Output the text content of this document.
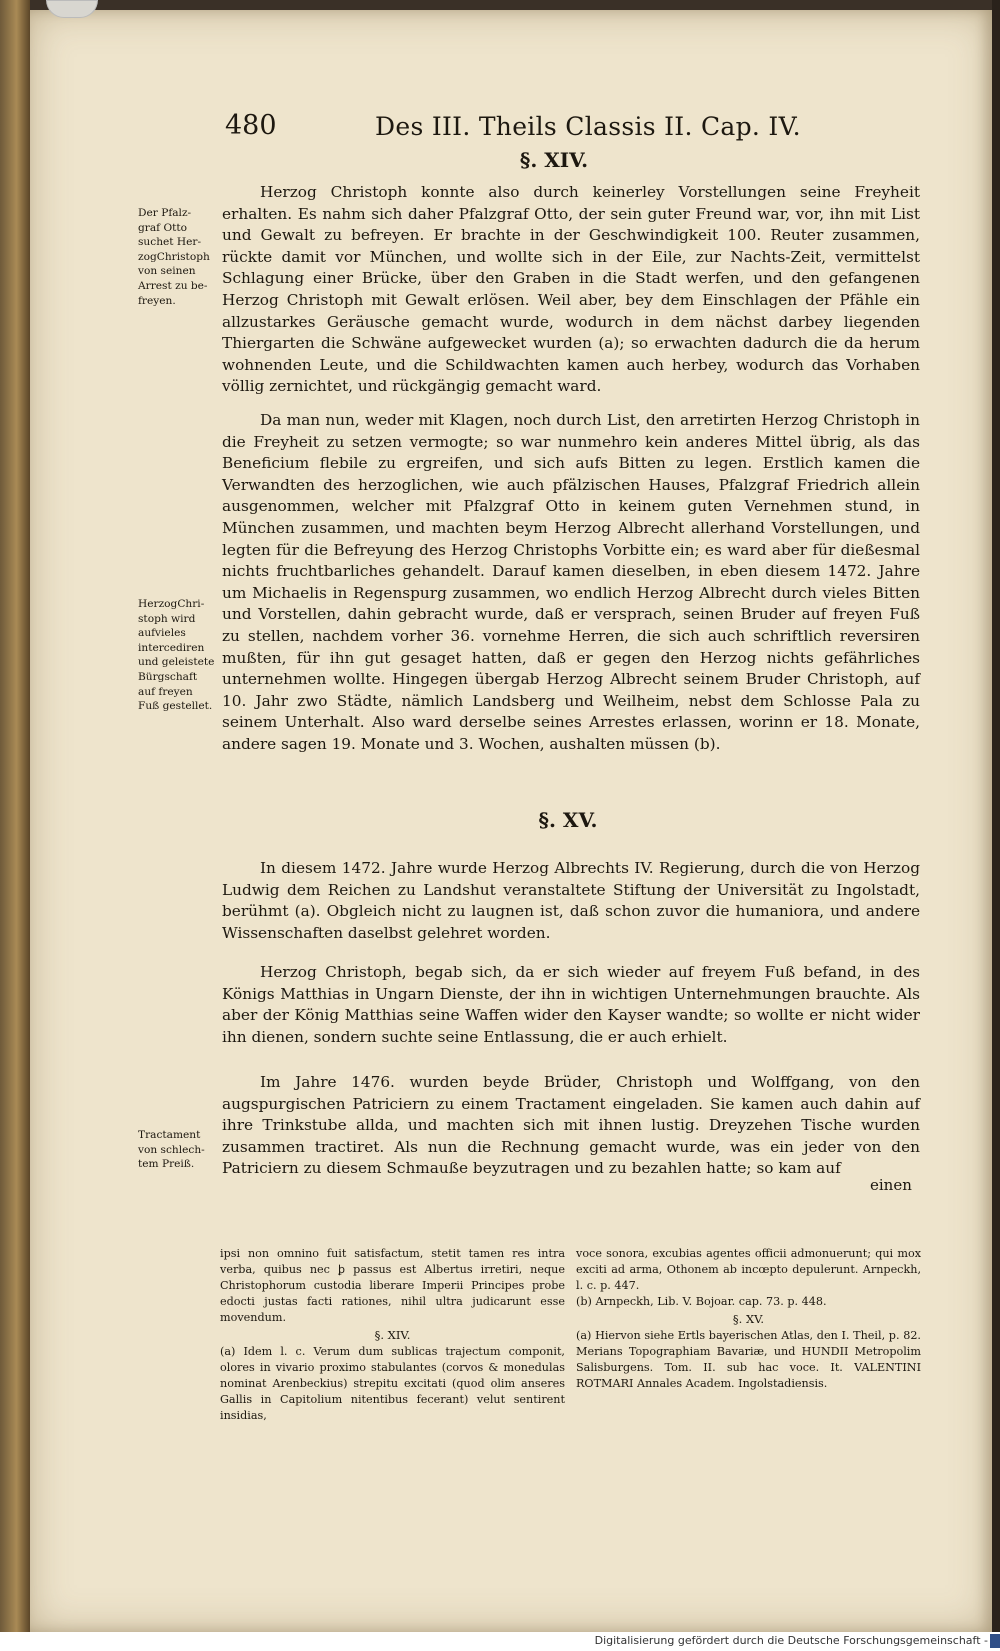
480	Des III. Theils Classis II. Cap. IV.
§. XIV.

Herzog Christoph konnte also durch keinerley Vorstellungen seine Freyheit erhalten. Es nahm sich daher Pfalzgraf Otto, der sein guter Freund war, vor, ihn mit List und Gewalt zu befreyen. Er brachte in der Geschwindigkeit 100. Reuter zusammen, rückte damit vor München, und wollte sich in der Eile, zur Nachts-Zeit, vermittelst Schlagung einer Brücke, über den Graben in die Stadt werfen, und den gefangenen Herzog Christoph mit Gewalt erlösen. Weil aber, bey dem Einschlagen der Pfähle ein allzustarkes Geräusche gemacht wurde, wodurch in dem nächst darbey liegenden Thiergarten die Schwäne aufgewecket wurden (a); so erwachten dadurch die da herum wohnenden Leute, und die Schildwachten kamen auch herbey, wodurch das Vorhaben völlig zernichtet, und rückgängig gemacht ward.

Da man nun, weder mit Klagen, noch durch List, den arretirten Herzog Christoph in die Freyheit zu setzen vermogte; so war nunmehro kein anderes Mittel übrig, als das Beneficium flebile zu ergreifen, und sich aufs Bitten zu legen. Erstlich kamen die Verwandten des herzoglichen, wie auch pfälzischen Hauses, Pfalzgraf Friedrich allein ausgenommen, welcher mit Pfalzgraf Otto in keinem guten Vernehmen stund, in München zusammen, und machten beym Herzog Albrecht allerhand Vorstellungen, und legten für die Befreyung des Herzog Christophs Vorbitte ein; es ward aber für dießesmal nichts fruchtbarliches gehandelt. Darauf kamen dieselben, in eben diesem 1472. Jahre um Michaelis in Regenspurg zusammen, wo endlich Herzog Albrecht durch vieles Bitten und Vorstellen, dahin gebracht wurde, daß er versprach, seinen Bruder auf freyen Fuß zu stellen, nachdem vorher 36. vornehme Herren, die sich auch schriftlich reversiren mußten, für ihn gut gesaget hatten, daß er gegen den Herzog nichts gefährliches unternehmen wollte. Hingegen übergab Herzog Albrecht seinem Bruder Christoph, auf 10. Jahr zwo Städte, nämlich Landsberg und Weilheim, nebst dem Schlosse Pala zu seinem Unterhalt. Also ward derselbe seines Arrestes erlassen, worinn er 18. Monate, andere sagen 19. Monate und 3. Wochen, aushalten müssen (b).

Der Pfalz-
graf Otto
suchet Her-
zogChristoph
von seinen
Arrest zu be-
freyen.

HerzogChri-
stoph wird
aufvieles
intercediren
und geleistete
Bürgschaft
auf freyen
Fuß gestellet.

§. XV.

In diesem 1472. Jahre wurde Herzog Albrechts IV. Regierung, durch die von Herzog Ludwig dem Reichen zu Landshut veranstaltete Stiftung der Universität zu Ingolstadt, berühmt (a). Obgleich nicht zu laugnen ist, daß schon zuvor die humaniora, und andere Wissenschaften daselbst gelehret worden.

Herzog Christoph, begab sich, da er sich wieder auf freyem Fuß befand, in des Königs Matthias in Ungarn Dienste, der ihn in wichtigen Unternehmungen brauchte. Als aber der König Matthias seine Waffen wider den Kayser wandte; so wollte er nicht wider ihn dienen, sondern suchte seine Entlassung, die er auch erhielt.

Im Jahre 1476. wurden beyde Brüder, Christoph und Wolffgang, von den augspurgischen Patriciern zu einem Tractament eingeladen. Sie kamen auch dahin auf ihre Trinkstube allda, und machten sich mit ihnen lustig. Dreyzehen Tische wurden zusammen tractiret. Als nun die Rechnung gemacht wurde, was ein jeder von den Patriciern zu diesem Schmauße beyzutragen und zu bezahlen hatte; so kam auf

Tractament
von schlech-
tem Preiß.

einen

ipsi non omnino fuit satisfactum, stetit tamen res intra verba, quibus nec ꝧ passus est Albertus irretiri, neque Christophorum custodia liberare Imperii Principes probe edocti justas facti rationes, nihil ultra judicarunt esse movendum.

§. XIV.

(a) Idem l. c. Verum dum sublicas trajectum componit, olores in vivario proximo stabulantes (corvos & monedulas nominat Arenbeckius) strepitu excitati (quod olim anseres Gallis in Capitolium nitentibus fecerant) velut sentirent insidias,

voce sonora, excubias agentes officii admonuerunt; qui mox exciti ad arma, Othonem ab incœpto depulerunt. Arnpeckh, l. c. p. 447.

(b) Arnpeckh, Lib. V. Bojoar. cap. 73. p. 448.

§. XV.

(a) Hiervon siehe Ertls bayerischen Atlas, den I. Theil, p. 82. Merians Topographiam Bavariæ, und HUNDII Metropolim Salisburgens. Tom. II. sub hac voce. It. VALENTINI ROTMARI Annales Academ. Ingolstadiensis.

Digitalisierung gefördert durch die Deutsche Forschungsgemeinschaft -
